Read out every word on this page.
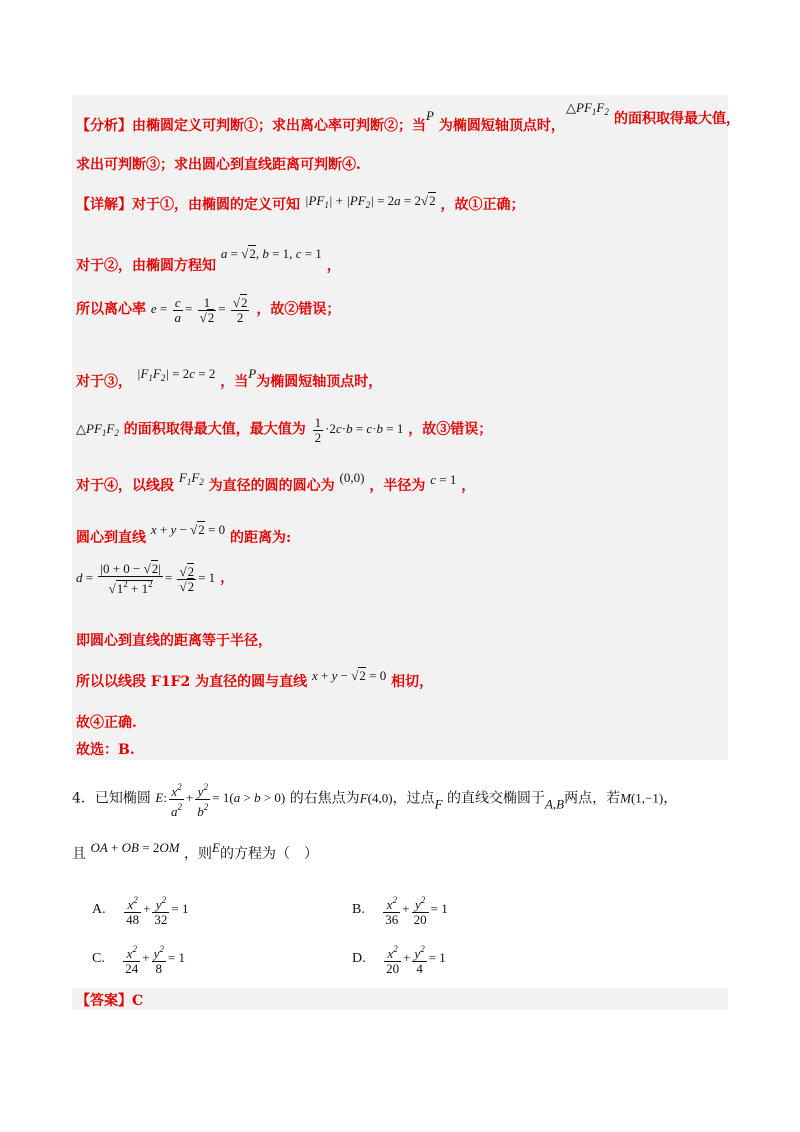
【分析】由椭圆定义可判断①；求出离心率可判断②；当P 为椭圆短轴顶点时，
$\triangle PF_1F_2$ 的面积取得最大值，
求出可判断③；求出圆心到直线距离可判断④.
【详解】对于①，由椭圆的定义可知 $|PF_1| + |PF_2| = 2a = 2√2$ ，故①正确；
对于②，由椭圆方程知 a = √2, b = 1, c = 1 ，
所以离心率 $e = \frac{c}{a} = \frac{1}{√2} = \frac{√2}{2}$ ，故②错误；
对于③， $|F_1F_2| = 2c = 2$ ，当P为椭圆短轴顶点时，
$\triangle PF_1F_2$ 的面积取得最大值，最大值为 $\frac{1}{2} \cdot 2c\cdot b = c\cdot b = 1$ ，故③错误；
对于④，以线段 $F_1F_2$ 为直径的圆的圆心为 (0,0) ，半径为 c = 1 ，
圆心到直线 x + y − √2 = 0 的距离为:
$d = \frac{|0 + 0 - √2|}{√1^2 + 1^2} = \frac{√2}{√2} = 1$ ，
即圆心到直线的距离等于半径，
所以以线段 F1F2 为直径的圆与直线 x + y − √2 = 0 相切，
故④正确.
故选：B.
4．已知椭圆 E: $\frac{x^2}{a^2} + \frac{y^2}{b^2} = 1(a > b > 0)$ 的右焦点为F(4,0)，过点F 的直线交椭圆于A,B两点，若M(1,−1)，
且 OA + OB = 2OM ，则E的方程为（　）
A. $\frac{x^2}{48} + \frac{y^2}{32} = 1$	B. $\frac{x^2}{36} + \frac{y^2}{20} = 1$
C. $\frac{x^2}{24} + \frac{y^2}{8} = 1$	D. $\frac{x^2}{20} + \frac{y^2}{4} = 1$
【答案】C
